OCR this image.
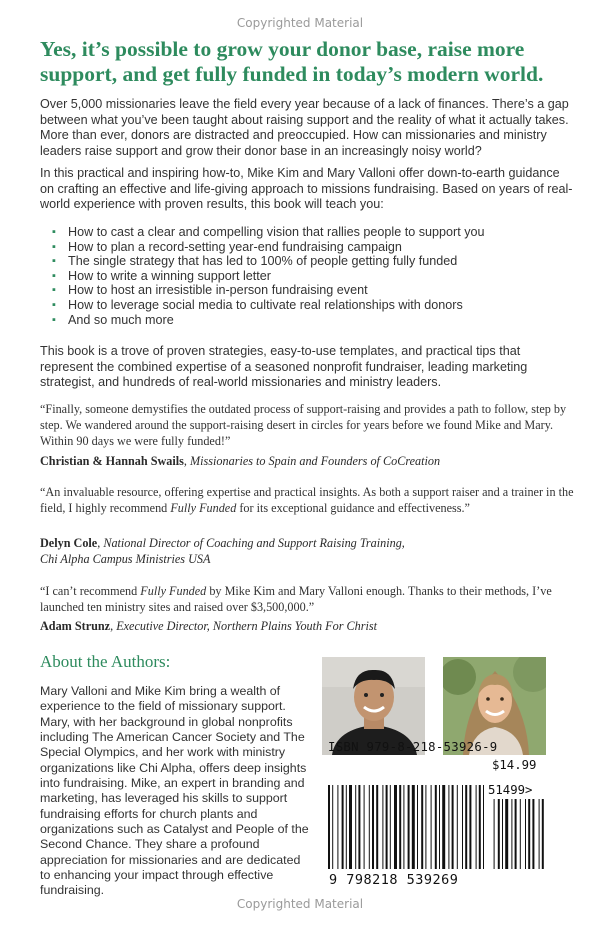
Copyrighted Material
Yes, it’s possible to grow your donor base, raise more support, and get fully funded in today’s modern world.

Over 5,000 missionaries leave the field every year because of a lack of finances. There’s a gap between what you’ve been taught about raising support and the reality of what it actually takes. More than ever, donors are distracted and preoccupied. How can missionaries and ministry leaders raise support and grow their donor base in an increasingly noisy world?

In this practical and inspiring how-to, Mike Kim and Mary Valloni offer down-to-earth guidance on crafting an effective and life-giving approach to missions fundraising. Based on years of real-world experience with proven results, this book will teach you:

▪ How to cast a clear and compelling vision that rallies people to support you
▪ How to plan a record-setting year-end fundraising campaign
▪ The single strategy that has led to 100% of people getting fully funded
▪ How to write a winning support letter
▪ How to host an irresistible in-person fundraising event
▪ How to leverage social media to cultivate real relationships with donors
▪ And so much more

This book is a trove of proven strategies, easy-to-use templates, and practical tips that represent the combined expertise of a seasoned nonprofit fundraiser, leading marketing strategist, and hundreds of real-world missionaries and ministry leaders.

“Finally, someone demystifies the outdated process of support-raising and provides a path to follow, step by step. We wandered around the support-raising desert in circles for years before we found Mike and Mary. Within 90 days we were fully funded!”

Christian & Hannah Swails, Missionaries to Spain and Founders of CoCreation

“An invaluable resource, offering expertise and practical insights. As both a support raiser and a trainer in the field, I highly recommend Fully Funded for its exceptional guidance and effectiveness.”

Delyn Cole, National Director of Coaching and Support Raising Training,
Chi Alpha Campus Ministries USA

“I can’t recommend Fully Funded by Mike Kim and Mary Valloni enough. Thanks to their methods, I’ve launched ten ministry sites and raised over $3,500,000.”

Adam Strunz, Executive Director, Northern Plains Youth For Christ

About the Authors:

Mary Valloni and Mike Kim bring a wealth of experience to the field of missionary support. Mary, with her background in global nonprofits including The American Cancer Society and The Special Olympics, and her work with ministry organizations like Chi Alpha, offers deep insights into fundraising. Mike, an expert in branding and marketing, has leveraged his skills to support fundraising efforts for church plants and organizations such as Catalyst and People of the Second Chance. They share a profound appreciation for missionaries and are dedicated to enhancing your impact through effective fundraising.

ISBN 979-8-218-53926-9
$14.99
51499>
9 798218 539269
Copyrighted Material
